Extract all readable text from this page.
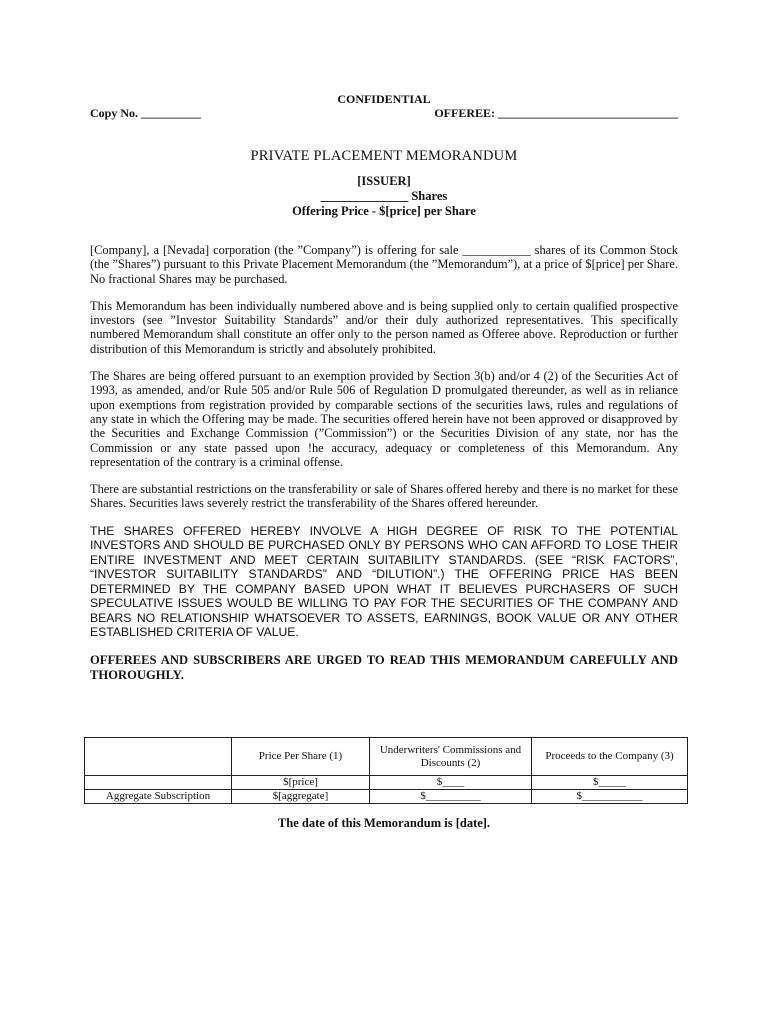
CONFIDENTIAL
Copy No. __________	OFFEREE: ______________________________
PRIVATE PLACEMENT MEMORANDUM
[ISSUER]
______________ Shares
Offering Price - $[price] per Share

[Company], a [Nevada] corporation (the ”Company”) is offering for sale ___________ shares of its Common Stock (the ”Shares”) pursuant to this Private Placement Memorandum (the ”Memorandum”), at a price of $[price] per Share. No fractional Shares may be purchased.

This Memorandum has been individually numbered above and is being supplied only to certain qualified prospective investors (see ”Investor Suitability Standards” and/or their duly authorized representatives. This specifically numbered Memorandum shall constitute an offer only to the person named as Offeree above. Reproduction or further distribution of this Memorandum is strictly and absolutely prohibited.

The Shares are being offered pursuant to an exemption provided by Section 3(b) and/or 4 (2) of the Securities Act of 1993, as amended, and/or Rule 505 and/or Rule 506 of Regulation D promulgated thereunder, as well as in reliance upon exemptions from registration provided by comparable sections of the securities laws, rules and regulations of any state in which the Offering may be made. The securities offered herein have not been approved or disapproved by the Securities and Exchange Commission (”Commission”) or the Securities Division of any state, nor has the Commission or any state passed upon !he accuracy, adequacy or completeness of this Memorandum. Any representation of the contrary is a criminal offense.

There are substantial restrictions on the transferability or sale of Shares offered hereby and there is no market for these Shares. Securities laws severely restrict the transferability of the Shares offered hereunder.

THE SHARES OFFERED HEREBY INVOLVE A HIGH DEGREE OF RISK TO THE POTENTIAL INVESTORS AND SHOULD BE PURCHASED ONLY BY PERSONS WHO CAN AFFORD TO LOSE THEIR ENTIRE INVESTMENT AND MEET CERTAIN SUITABILITY STANDARDS. (SEE “RISK FACTORS”, “INVESTOR SUITABILITY STANDARDS” AND “DILUTION”.) THE OFFERING PRICE HAS BEEN DETERMINED BY THE COMPANY BASED UPON WHAT IT BELIEVES PURCHASERS OF SUCH SPECULATIVE ISSUES WOULD BE WILLING TO PAY FOR THE SECURITIES OF THE COMPANY AND BEARS NO RELATIONSHIP WHATSOEVER TO ASSETS, EARNINGS, BOOK VALUE OR ANY OTHER ESTABLISHED CRITERIA OF VALUE.

OFFEREES AND SUBSCRIBERS ARE URGED TO READ THIS MEMORANDUM CAREFULLY AND THOROUGHLY.

	Price Per Share (1)	Underwriters' Commissions and Discounts (2)	Proceeds to the Company (3)
	$[price]	$____	$_____
Aggregate Subscription	$[aggregate]	$__________	$___________
The date of this Memorandum is [date].
